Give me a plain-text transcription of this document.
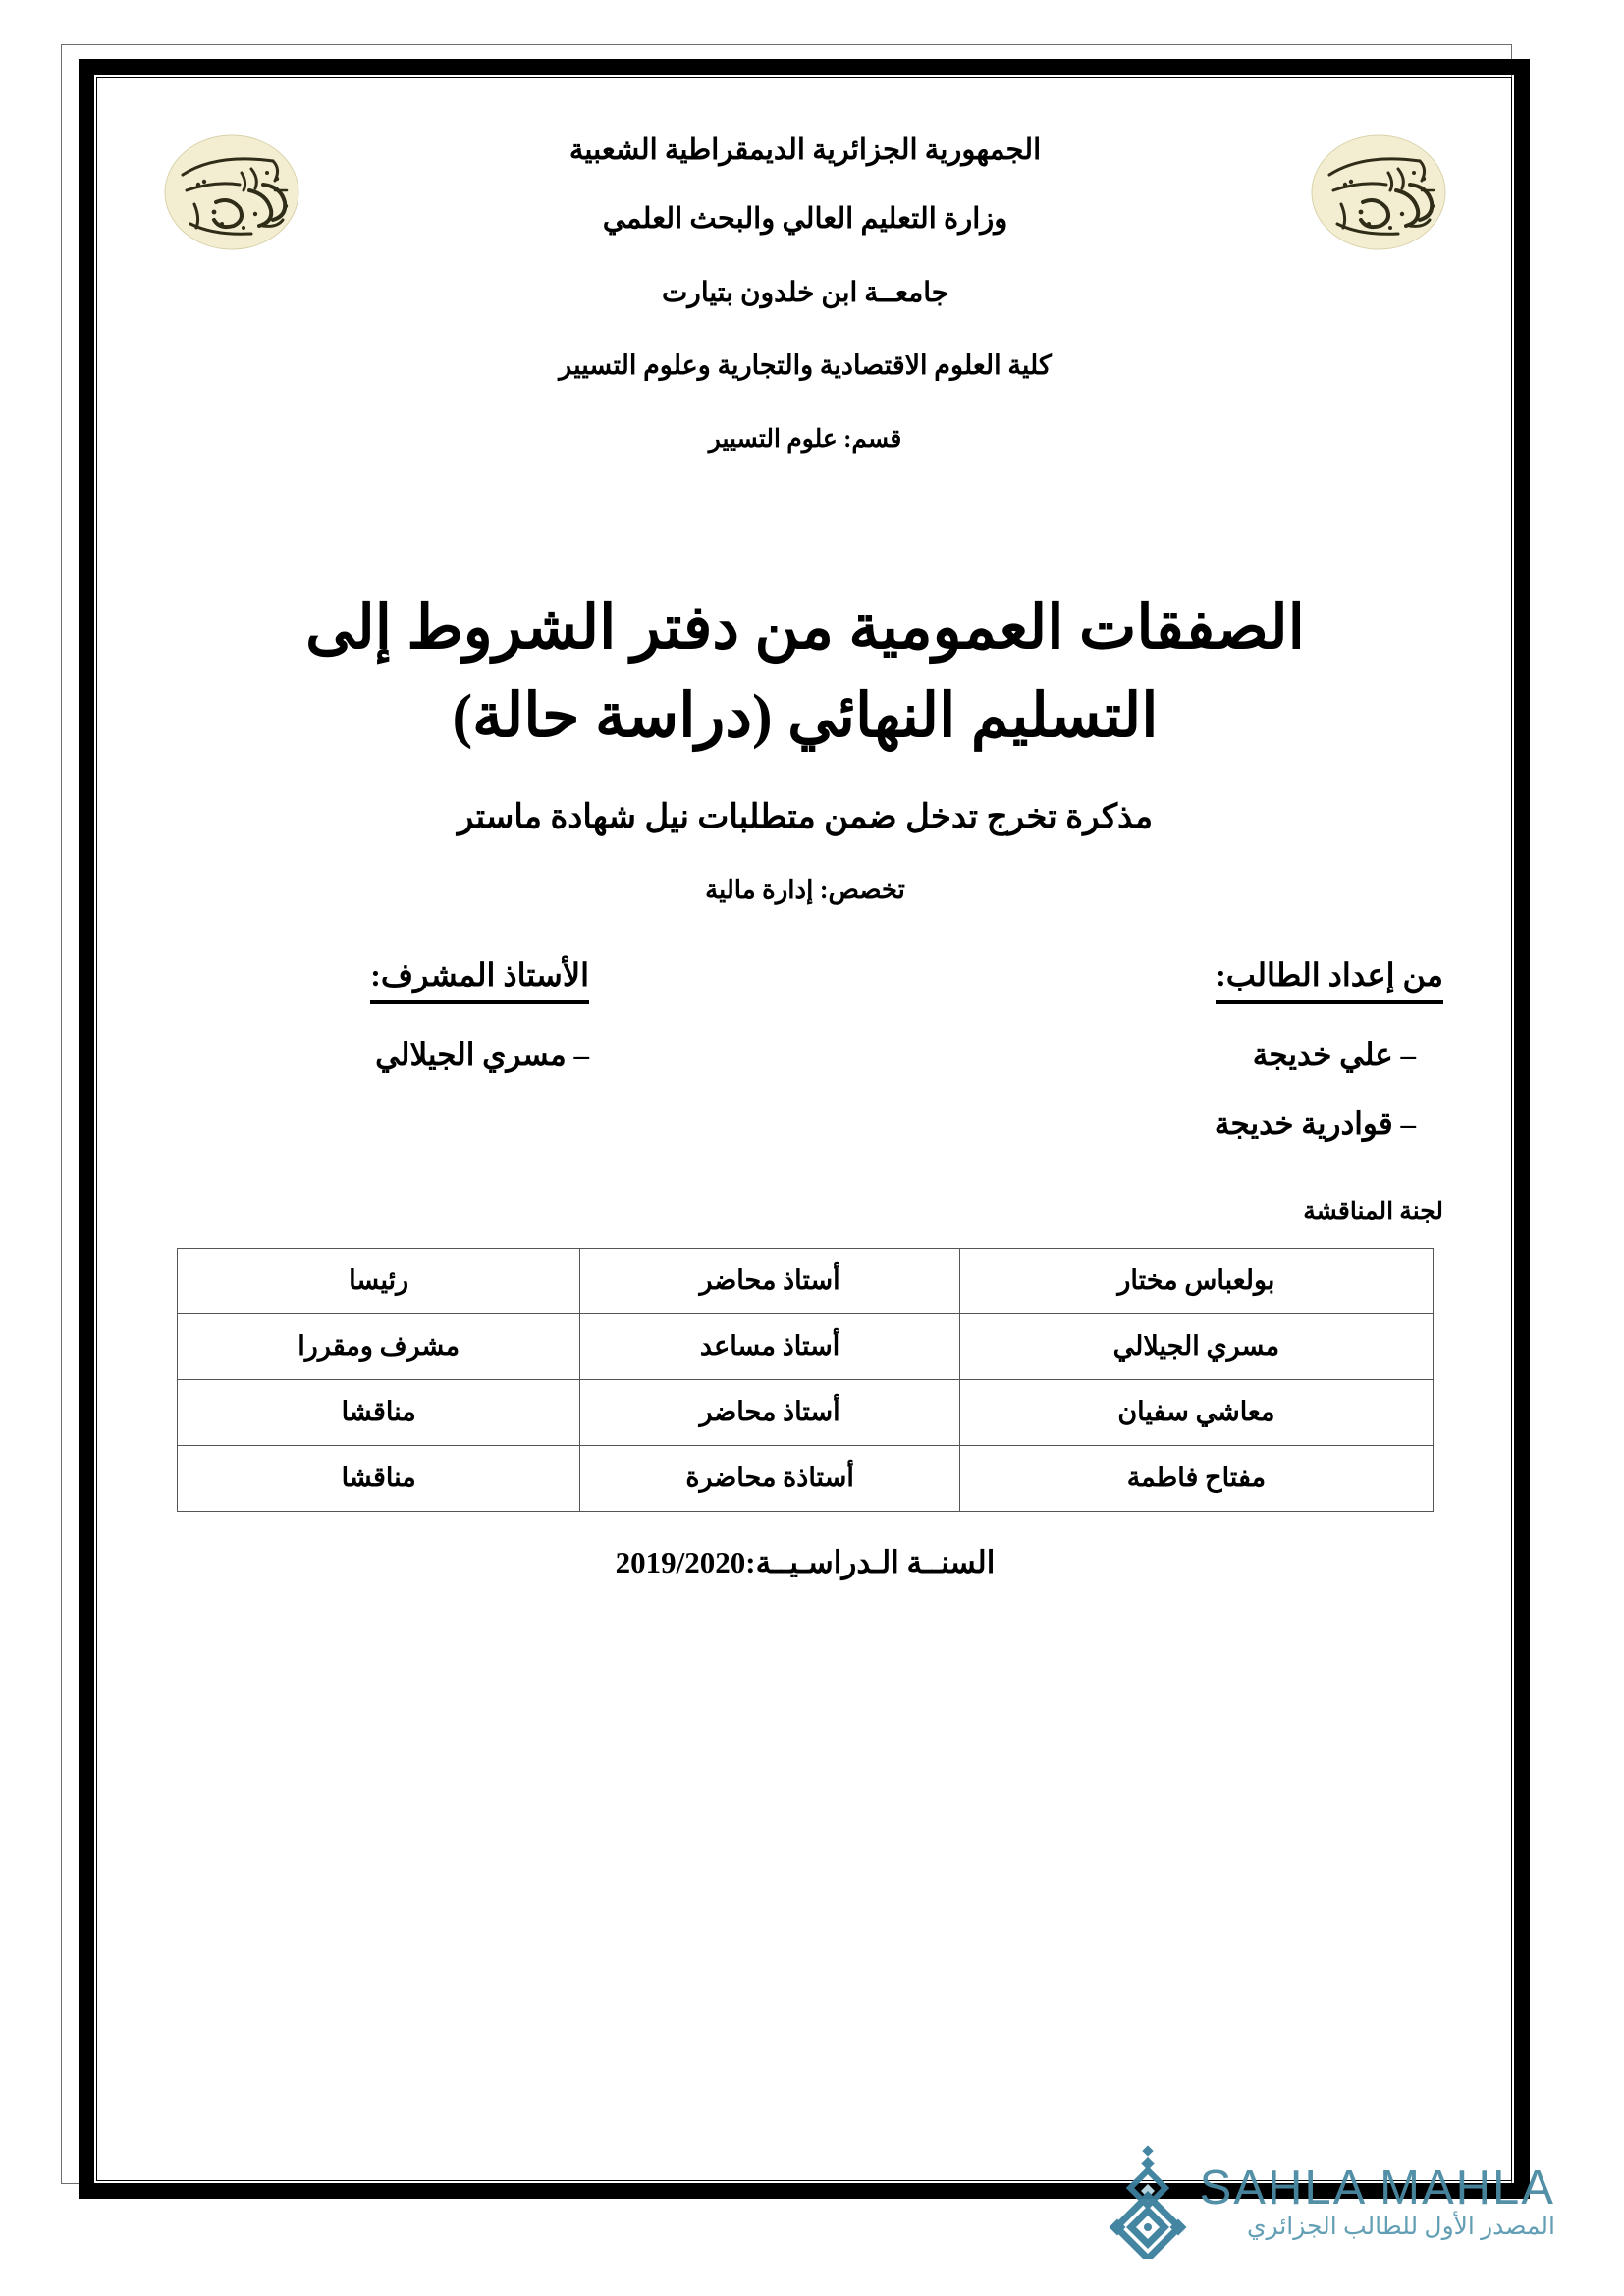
الجمهورية الجزائرية الديمقراطية الشعبية
وزارة التعليم العالي والبحث العلمي
جامعــة ابن خلدون بتيارت
كلية العلوم الاقتصادية والتجارية وعلوم التسيير
قسم: علوم التسيير
الصفقات العمومية من دفتر الشروط إلى
التسليم النهائي (دراسة حالة)
مذكرة تخرج تدخل ضمن متطلبات نيل شهادة ماستر
تخصص: إدارة مالية
من إعداد الطالب:
– علي خديجة
– قوادرية خديجة
الأستاذ المشرف:
– مسري الجيلالي
لجنة المناقشة
بولعباس مختار	أستاذ محاضر	رئيسا
مسري الجيلالي	أستاذ مساعد	مشرف ومقررا
معاشي سفيان	أستاذ محاضر	مناقشا
مفتاح فاطمة	أستاذة محاضرة	مناقشا
السنــة الـدراسـيــة:2019/2020
SAHLA MAHLA
المصدر الأول للطالب الجزائري
